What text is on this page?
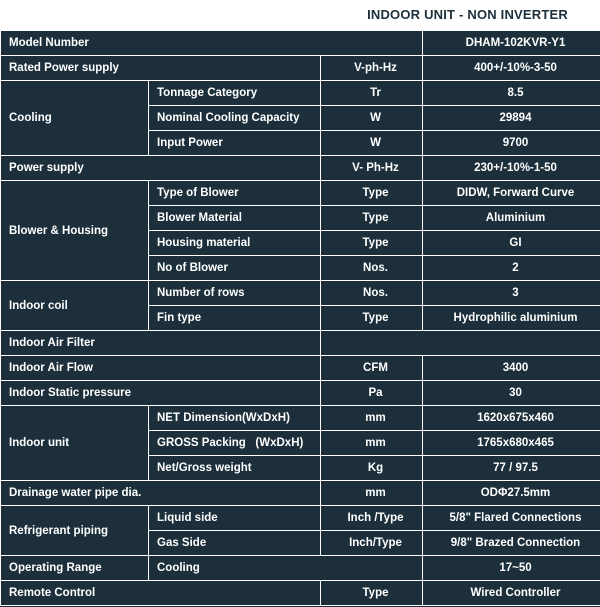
INDOOR UNIT - NON INVERTER
Model Number			DHAM-102KVR-Y1
Rated Power supply		V-ph-Hz	400+/-10%-3-50
Cooling	Tonnage Category	Tr	8.5
	Nominal Cooling Capacity	W	29894
	Input Power	W	9700
Power supply		V- Ph-Hz	230+/-10%-1-50
Blower & Housing	Type of Blower	Type	DIDW, Forward Curve
	Blower Material	Type	Aluminium
	Housing material	Type	GI
	No of Blower	Nos.	2
Indoor coil	Number of rows	Nos.	3
	Fin type	Type	Hydrophilic aluminium
Indoor Air Filter			
Indoor Air Flow		CFM	3400
Indoor Static pressure		Pa	30
Indoor unit	NET Dimension(WxDxH)	mm	1620x675x460
	GROSS Packing   (WxDxH)	mm	1765x680x465
	Net/Gross weight	Kg	77 / 97.5
Drainage water pipe dia.		mm	ODΦ27.5mm
Refrigerant piping	Liquid side	Inch /Type	5/8" Flared Connections
	Gas Side	Inch/Type	9/8" Brazed Connection
Operating Range	Cooling		17~50
Remote Control		Type	Wired Controller
